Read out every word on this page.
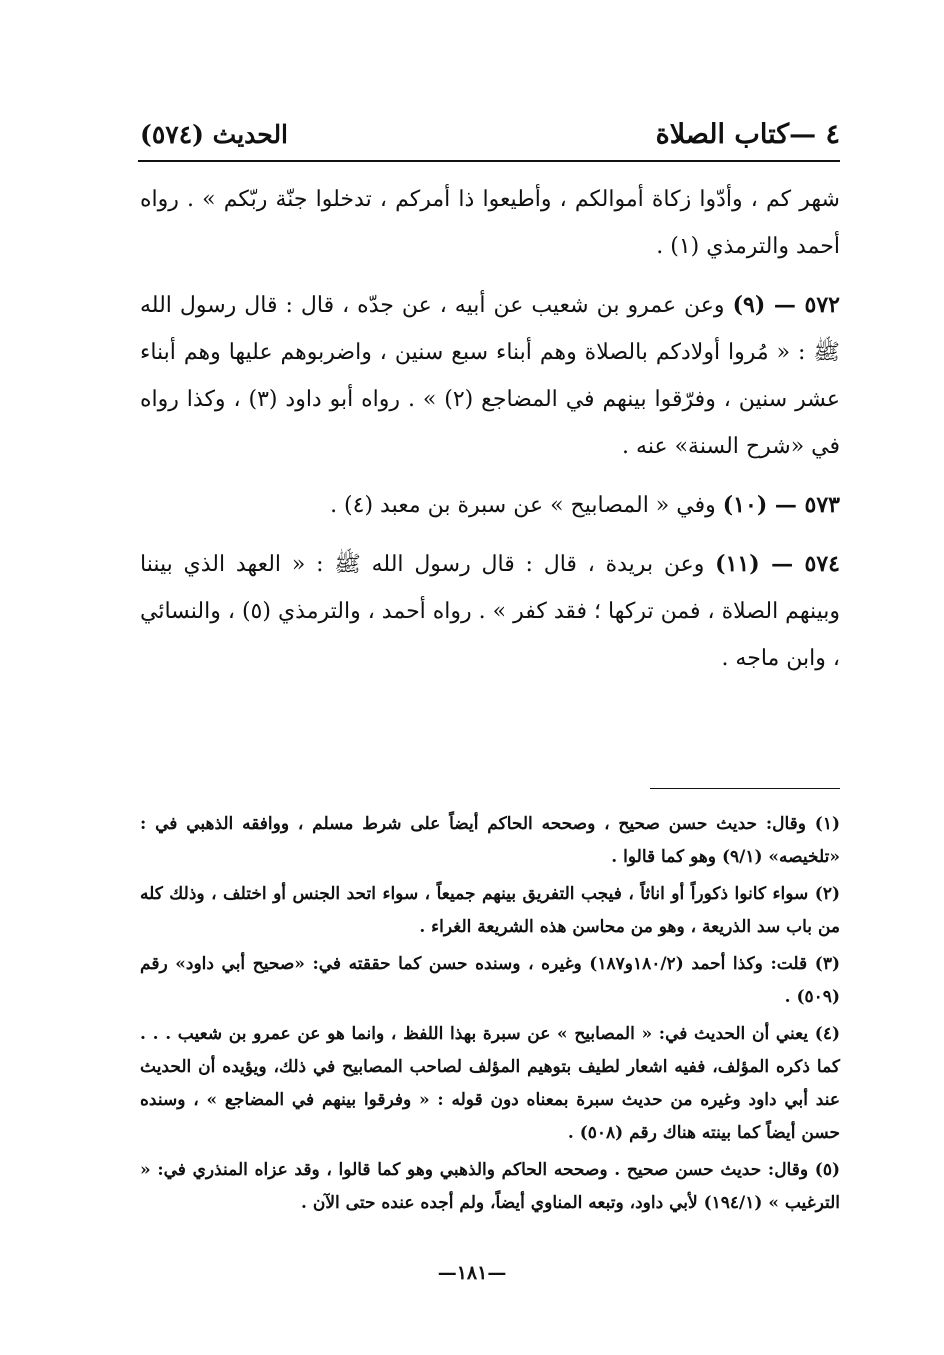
٤ —كتاب الصلاة
الحديث (٥٧٤)

شهر كم ، وأدّوا زكاة أموالكم ، وأطيعوا ذا أمركم ، تدخلوا جنّة ربّكم » . رواه أحمد والترمذي (١) .

٥٧٢ — (٩) وعن عمرو بن شعيب عن أبيه ، عن جدّه ، قال : قال رسول الله ﷺ : « مُروا أولادكم بالصلاة وهم أبناء سبع سنين ، واضربوهم عليها وهم أبناء عشر سنين ، وفرّقوا بينهم في المضاجع (٢) » . رواه أبو داود (٣) ، وكذا رواه في «شرح السنة» عنه .

٥٧٣ — (١٠) وفي « المصابيح » عن سبرة بن معبد (٤) .

٥٧٤ — (١١) وعن بريدة ، قال : قال رسول الله ﷺ : « العهد الذي بيننا وبينهم الصلاة ، فمن تركها ؛ فقد كفر » . رواه أحمد ، والترمذي (٥) ، والنسائي ، وابن ماجه .

(١) وقال: حديث حسن صحيح ، وصححه الحاكم أيضاً على شرط مسلم ، ووافقه الذهبي في : «تلخيصه» (٩/١) وهو كما قالوا .

(٢) سواء كانوا ذكوراً أو اناثاً ، فيجب التفريق بينهم جميعاً ، سواء اتحد الجنس أو اختلف ، وذلك كله من باب سد الذريعة ، وهو من محاسن هذه الشريعة الغراء .

(٣) قلت: وكذا أحمد (١٨٠/٢و١٨٧) وغيره ، وسنده حسن كما حققته في: «صحيح أبي داود» رقم (٥٠٩) .

(٤) يعني أن الحديث في: « المصابيح » عن سبرة بهذا اللفظ ، وانما هو عن عمرو بن شعيب . . . كما ذكره المؤلف، ففيه اشعار لطيف بتوهيم المؤلف لصاحب المصابيح في ذلك، ويؤيده أن الحديث عند أبي داود وغيره من حديث سبرة بمعناه دون قوله : « وفرقوا بينهم في المضاجع » ، وسنده حسن أيضاً كما بينته هناك رقم (٥٠٨) .

(٥) وقال: حديث حسن صحيح . وصححه الحاكم والذهبي وهو كما قالوا ، وقد عزاه المنذري في: « الترغيب » (١٩٤/١) لأبي داود، وتبعه المناوي أيضاً، ولم أجده عنده حتى الآن .

—١٨١—
